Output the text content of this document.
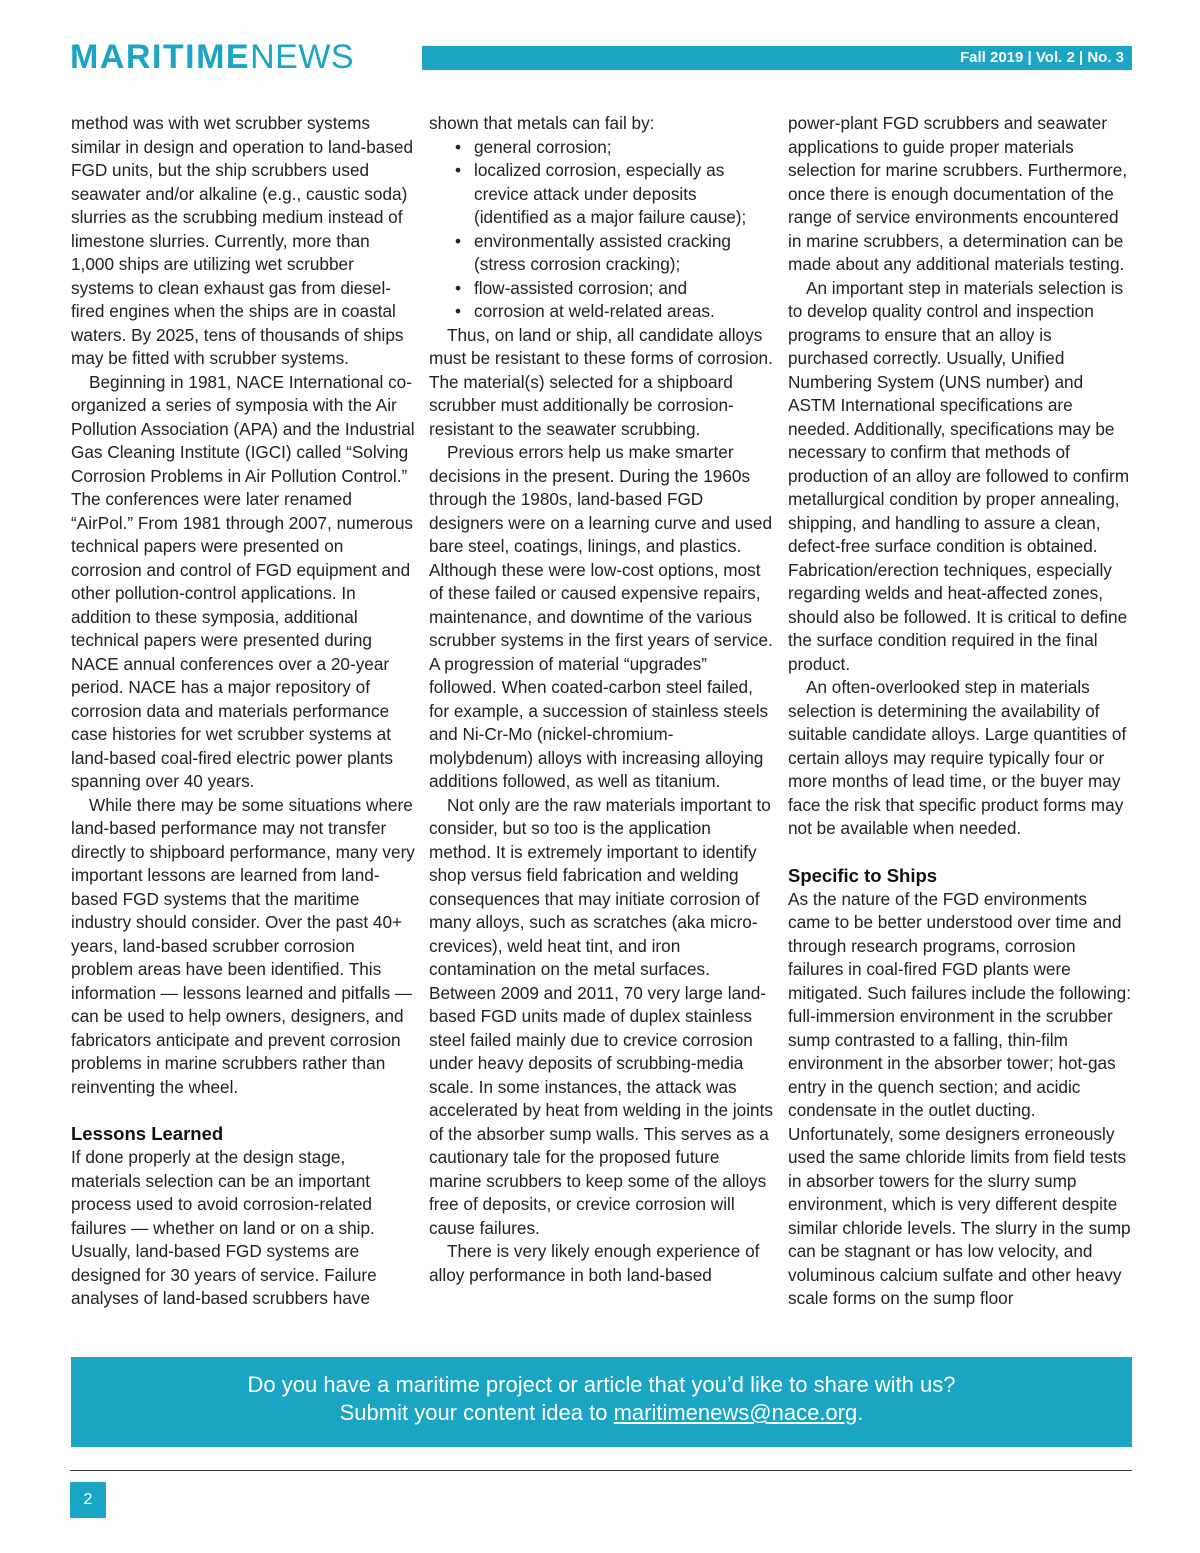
MARITIMENEWS	Fall 2019 | Vol. 2 | No. 3

method was with wet scrubber systems similar in design and operation to land-based FGD units, but the ship scrubbers used seawater and/or alkaline (e.g., caustic soda) slurries as the scrubbing medium instead of limestone slurries. Currently, more than 1,000 ships are utilizing wet scrubber systems to clean exhaust gas from diesel-fired engines when the ships are in coastal waters. By 2025, tens of thousands of ships may be fitted with scrubber systems.

Beginning in 1981, NACE International co-organized a series of symposia with the Air Pollution Association (APA) and the Industrial Gas Cleaning Institute (IGCI) called “Solving Corrosion Problems in Air Pollution Control.” The conferences were later renamed “AirPol.” From 1981 through 2007, numerous technical papers were presented on corrosion and control of FGD equipment and other pollution-control applications. In addition to these symposia, additional technical papers were presented during NACE annual conferences over a 20-year period. NACE has a major repository of corrosion data and materials performance case histories for wet scrubber systems at land-based coal-fired electric power plants spanning over 40 years.

While there may be some situations where land-based performance may not transfer directly to shipboard performance, many very important lessons are learned from land-based FGD systems that the maritime industry should consider. Over the past 40+ years, land-based scrubber corrosion problem areas have been identified. This information — lessons learned and pitfalls — can be used to help owners, designers, and fabricators anticipate and prevent corrosion problems in marine scrubbers rather than reinventing the wheel.

Lessons Learned

If done properly at the design stage, materials selection can be an important process used to avoid corrosion-related failures — whether on land or on a ship. Usually, land-based FGD systems are designed for 30 years of service. Failure analyses of land-based scrubbers have

shown that metals can fail by:

• general corrosion;
• localized corrosion, especially as crevice attack under deposits (identified as a major failure cause);
• environmentally assisted cracking (stress corrosion cracking);
• flow-assisted corrosion; and
• corrosion at weld-related areas.

Thus, on land or ship, all candidate alloys must be resistant to these forms of corrosion. The material(s) selected for a shipboard scrubber must additionally be corrosion-resistant to the seawater scrubbing.

Previous errors help us make smarter decisions in the present. During the 1960s through the 1980s, land-based FGD designers were on a learning curve and used bare steel, coatings, linings, and plastics. Although these were low-cost options, most of these failed or caused expensive repairs, maintenance, and downtime of the various scrubber systems in the first years of service. A progression of material “upgrades” followed. When coated-carbon steel failed, for example, a succession of stainless steels and Ni-Cr-Mo (nickel-chromium-molybdenum) alloys with increasing alloying additions followed, as well as titanium.

Not only are the raw materials important to consider, but so too is the application method. It is extremely important to identify shop versus field fabrication and welding consequences that may initiate corrosion of many alloys, such as scratches (aka micro-crevices), weld heat tint, and iron contamination on the metal surfaces. Between 2009 and 2011, 70 very large land-based FGD units made of duplex stainless steel failed mainly due to crevice corrosion under heavy deposits of scrubbing-media scale. In some instances, the attack was accelerated by heat from welding in the joints of the absorber sump walls. This serves as a cautionary tale for the proposed future marine scrubbers to keep some of the alloys free of deposits, or crevice corrosion will cause failures.

There is very likely enough experience of alloy performance in both land-based

power-plant FGD scrubbers and seawater applications to guide proper materials selection for marine scrubbers. Furthermore, once there is enough documentation of the range of service environments encountered in marine scrubbers, a determination can be made about any additional materials testing.

An important step in materials selection is to develop quality control and inspection programs to ensure that an alloy is purchased correctly. Usually, Unified Numbering System (UNS number) and ASTM International specifications are needed. Additionally, specifications may be necessary to confirm that methods of production of an alloy are followed to confirm metallurgical condition by proper annealing, shipping, and handling to assure a clean, defect-free surface condition is obtained. Fabrication/erection techniques, especially regarding welds and heat-affected zones, should also be followed. It is critical to define the surface condition required in the final product.

An often-overlooked step in materials selection is determining the availability of suitable candidate alloys. Large quantities of certain alloys may require typically four or more months of lead time, or the buyer may face the risk that specific product forms may not be available when needed.

Specific to Ships

As the nature of the FGD environments came to be better understood over time and through research programs, corrosion failures in coal-fired FGD plants were mitigated. Such failures include the following: full-immersion environment in the scrubber sump contrasted to a falling, thin-film environment in the absorber tower; hot-gas entry in the quench section; and acidic condensate in the outlet ducting. Unfortunately, some designers erroneously used the same chloride limits from field tests in absorber towers for the slurry sump environment, which is very different despite similar chloride levels. The slurry in the sump can be stagnant or has low velocity, and voluminous calcium sulfate and other heavy scale forms on the sump floor

Do you have a maritime project or article that you’d like to share with us?
Submit your content idea to maritimenews@nace.org.
2
